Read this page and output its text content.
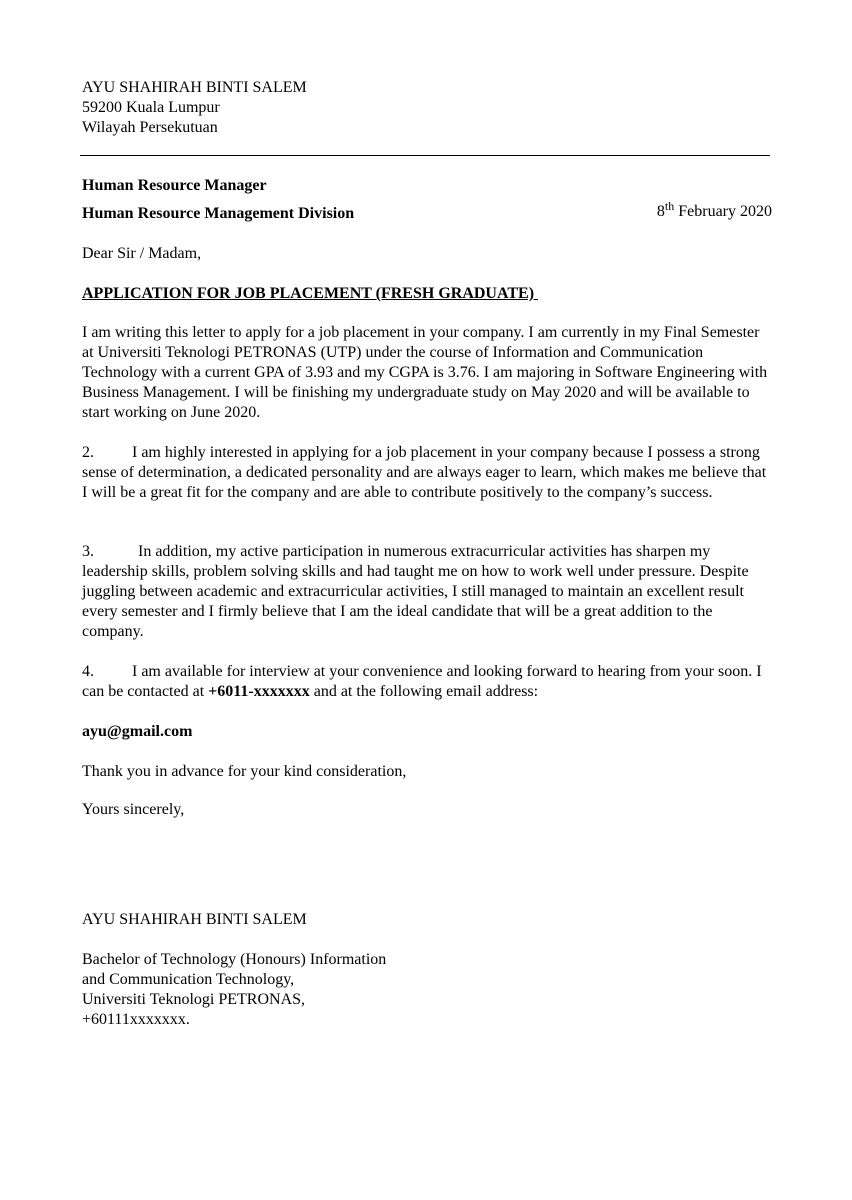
AYU SHAHIRAH BINTI SALEM
59200 Kuala Lumpur
Wilayah Persekutuan
Human Resource Manager
Human Resource Management Division	8th February 2020
Dear Sir / Madam,
APPLICATION FOR JOB PLACEMENT (FRESH GRADUATE)

I am writing this letter to apply for a job placement in your company. I am currently in my Final Semester at Universiti Teknologi PETRONAS (UTP) under the course of Information and Communication Technology with a current GPA of 3.93 and my CGPA is 3.76. I am majoring in Software Engineering with Business Management. I will be finishing my undergraduate study on May 2020 and will be available to start working on June 2020.

2. I am highly interested in applying for a job placement in your company because I possess a strong sense of determination, a dedicated personality and are always eager to learn, which makes me believe that I will be a great fit for the company and are able to contribute positively to the company’s success.

3.	In addition, my active participation in numerous extracurricular activities has sharpen my leadership skills, problem solving skills and had taught me on how to work well under pressure. Despite juggling between academic and extracurricular activities, I still managed to maintain an excellent result every semester and I firmly believe that I am the ideal candidate that will be a great addition to the company.

4. I am available for interview at your convenience and looking forward to hearing from your soon. I can be contacted at +6011-xxxxxxx and at the following email address:

ayu@gmail.com
Thank you in advance for your kind consideration,
Yours sincerely,
AYU SHAHIRAH BINTI SALEM
Bachelor of Technology (Honours) Information
and Communication Technology,
Universiti Teknologi PETRONAS,
+60111xxxxxxx.
